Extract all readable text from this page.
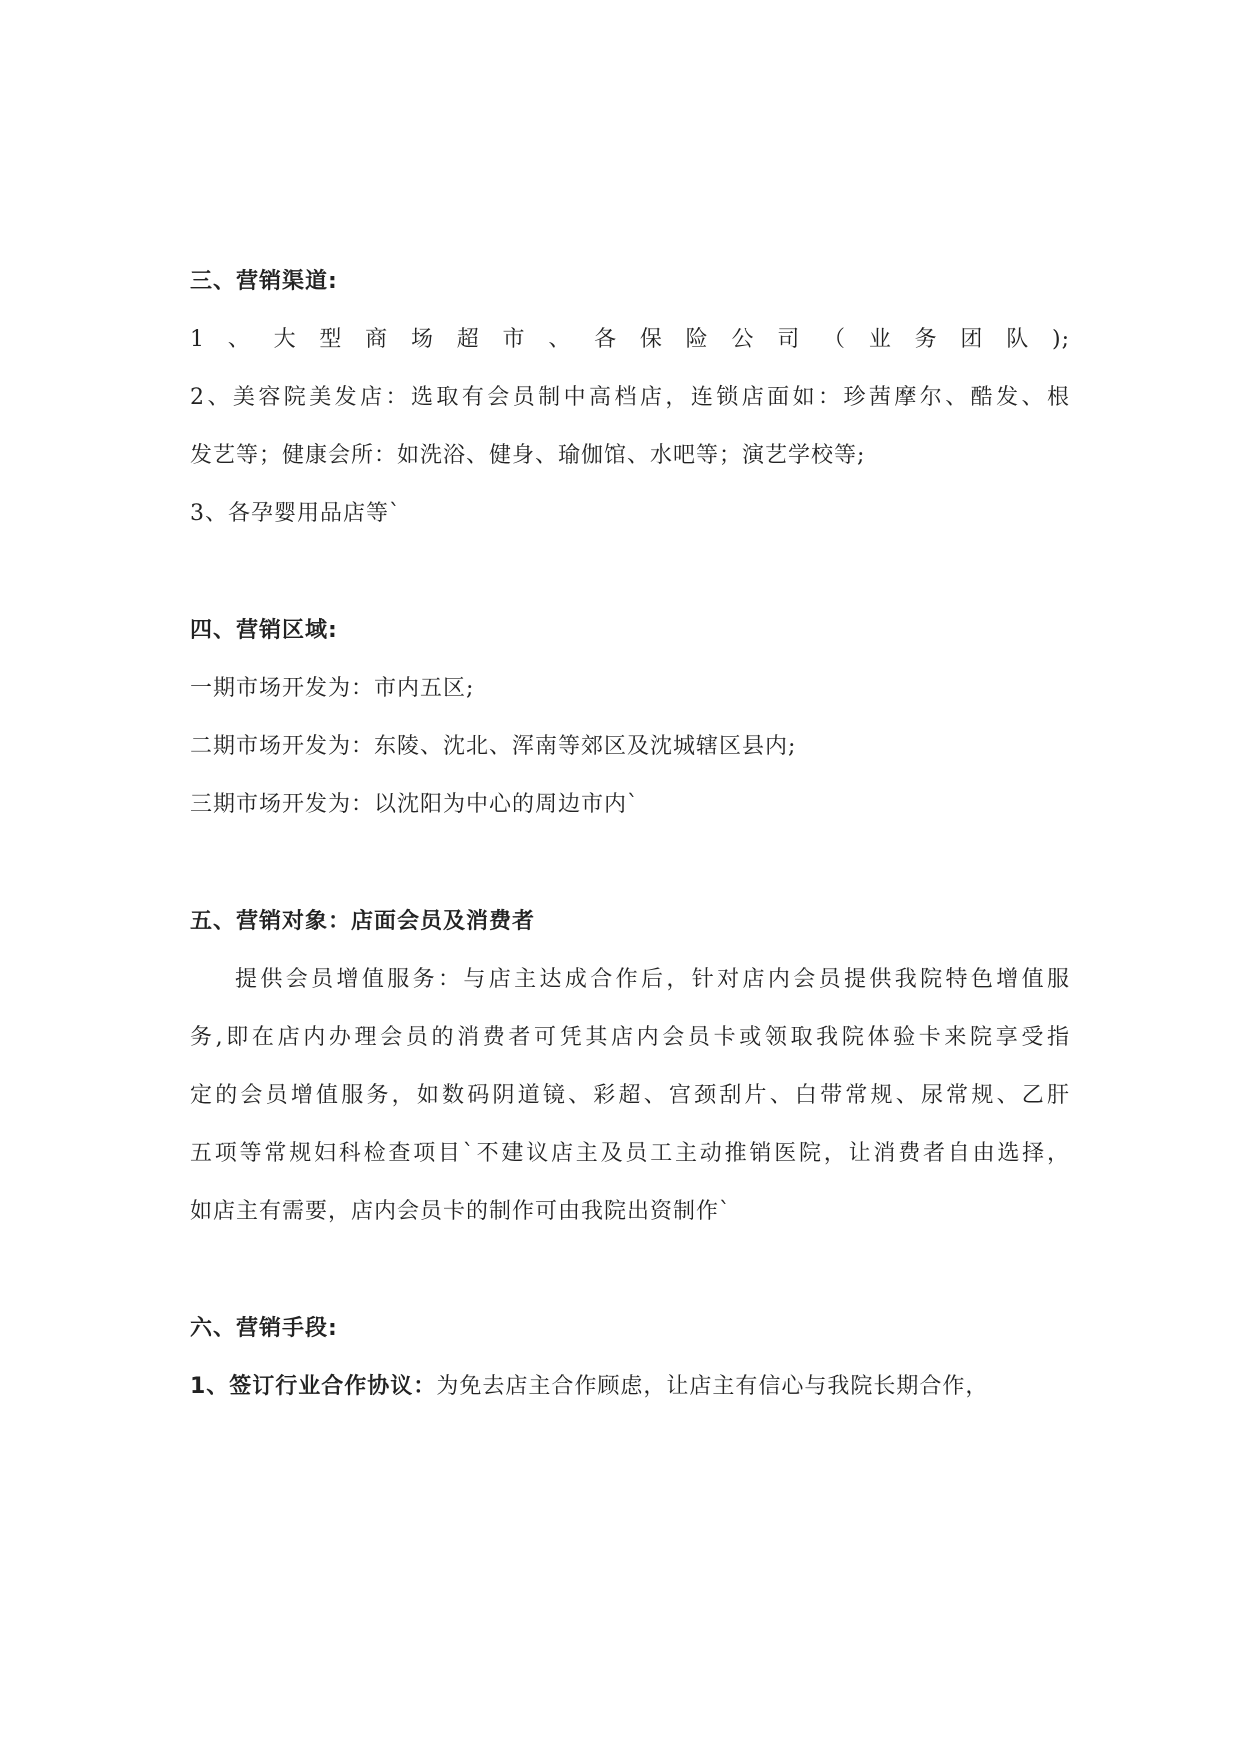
三、营销渠道:
1、大型商场超市、各保险公司（业务团队);
2、美容院美发店：选取有会员制中高档店，连锁店面如：珍茜摩尔、酷发、根
发艺等；健康会所：如洗浴、健身、瑜伽馆、水吧等；演艺学校等;
3、各孕婴用品店等`
四、营销区域:
一期市场开发为：市内五区;
二期市场开发为：东陵、沈北、浑南等郊区及沈城辖区县内;
三期市场开发为：以沈阳为中心的周边市内`
五、营销对象：店面会员及消费者
提供会员增值服务：与店主达成合作后，针对店内会员提供我院特色增值服
务,即在店内办理会员的消费者可凭其店内会员卡或领取我院体验卡来院享受指
定的会员增值服务，如数码阴道镜、彩超、宫颈刮片、白带常规、尿常规、乙肝
五项等常规妇科检查项目`不建议店主及员工主动推销医院，让消费者自由选择，
如店主有需要，店内会员卡的制作可由我院出资制作`
六、营销手段:
1、签订行业合作协议：为免去店主合作顾虑，让店主有信心与我院长期合作，
